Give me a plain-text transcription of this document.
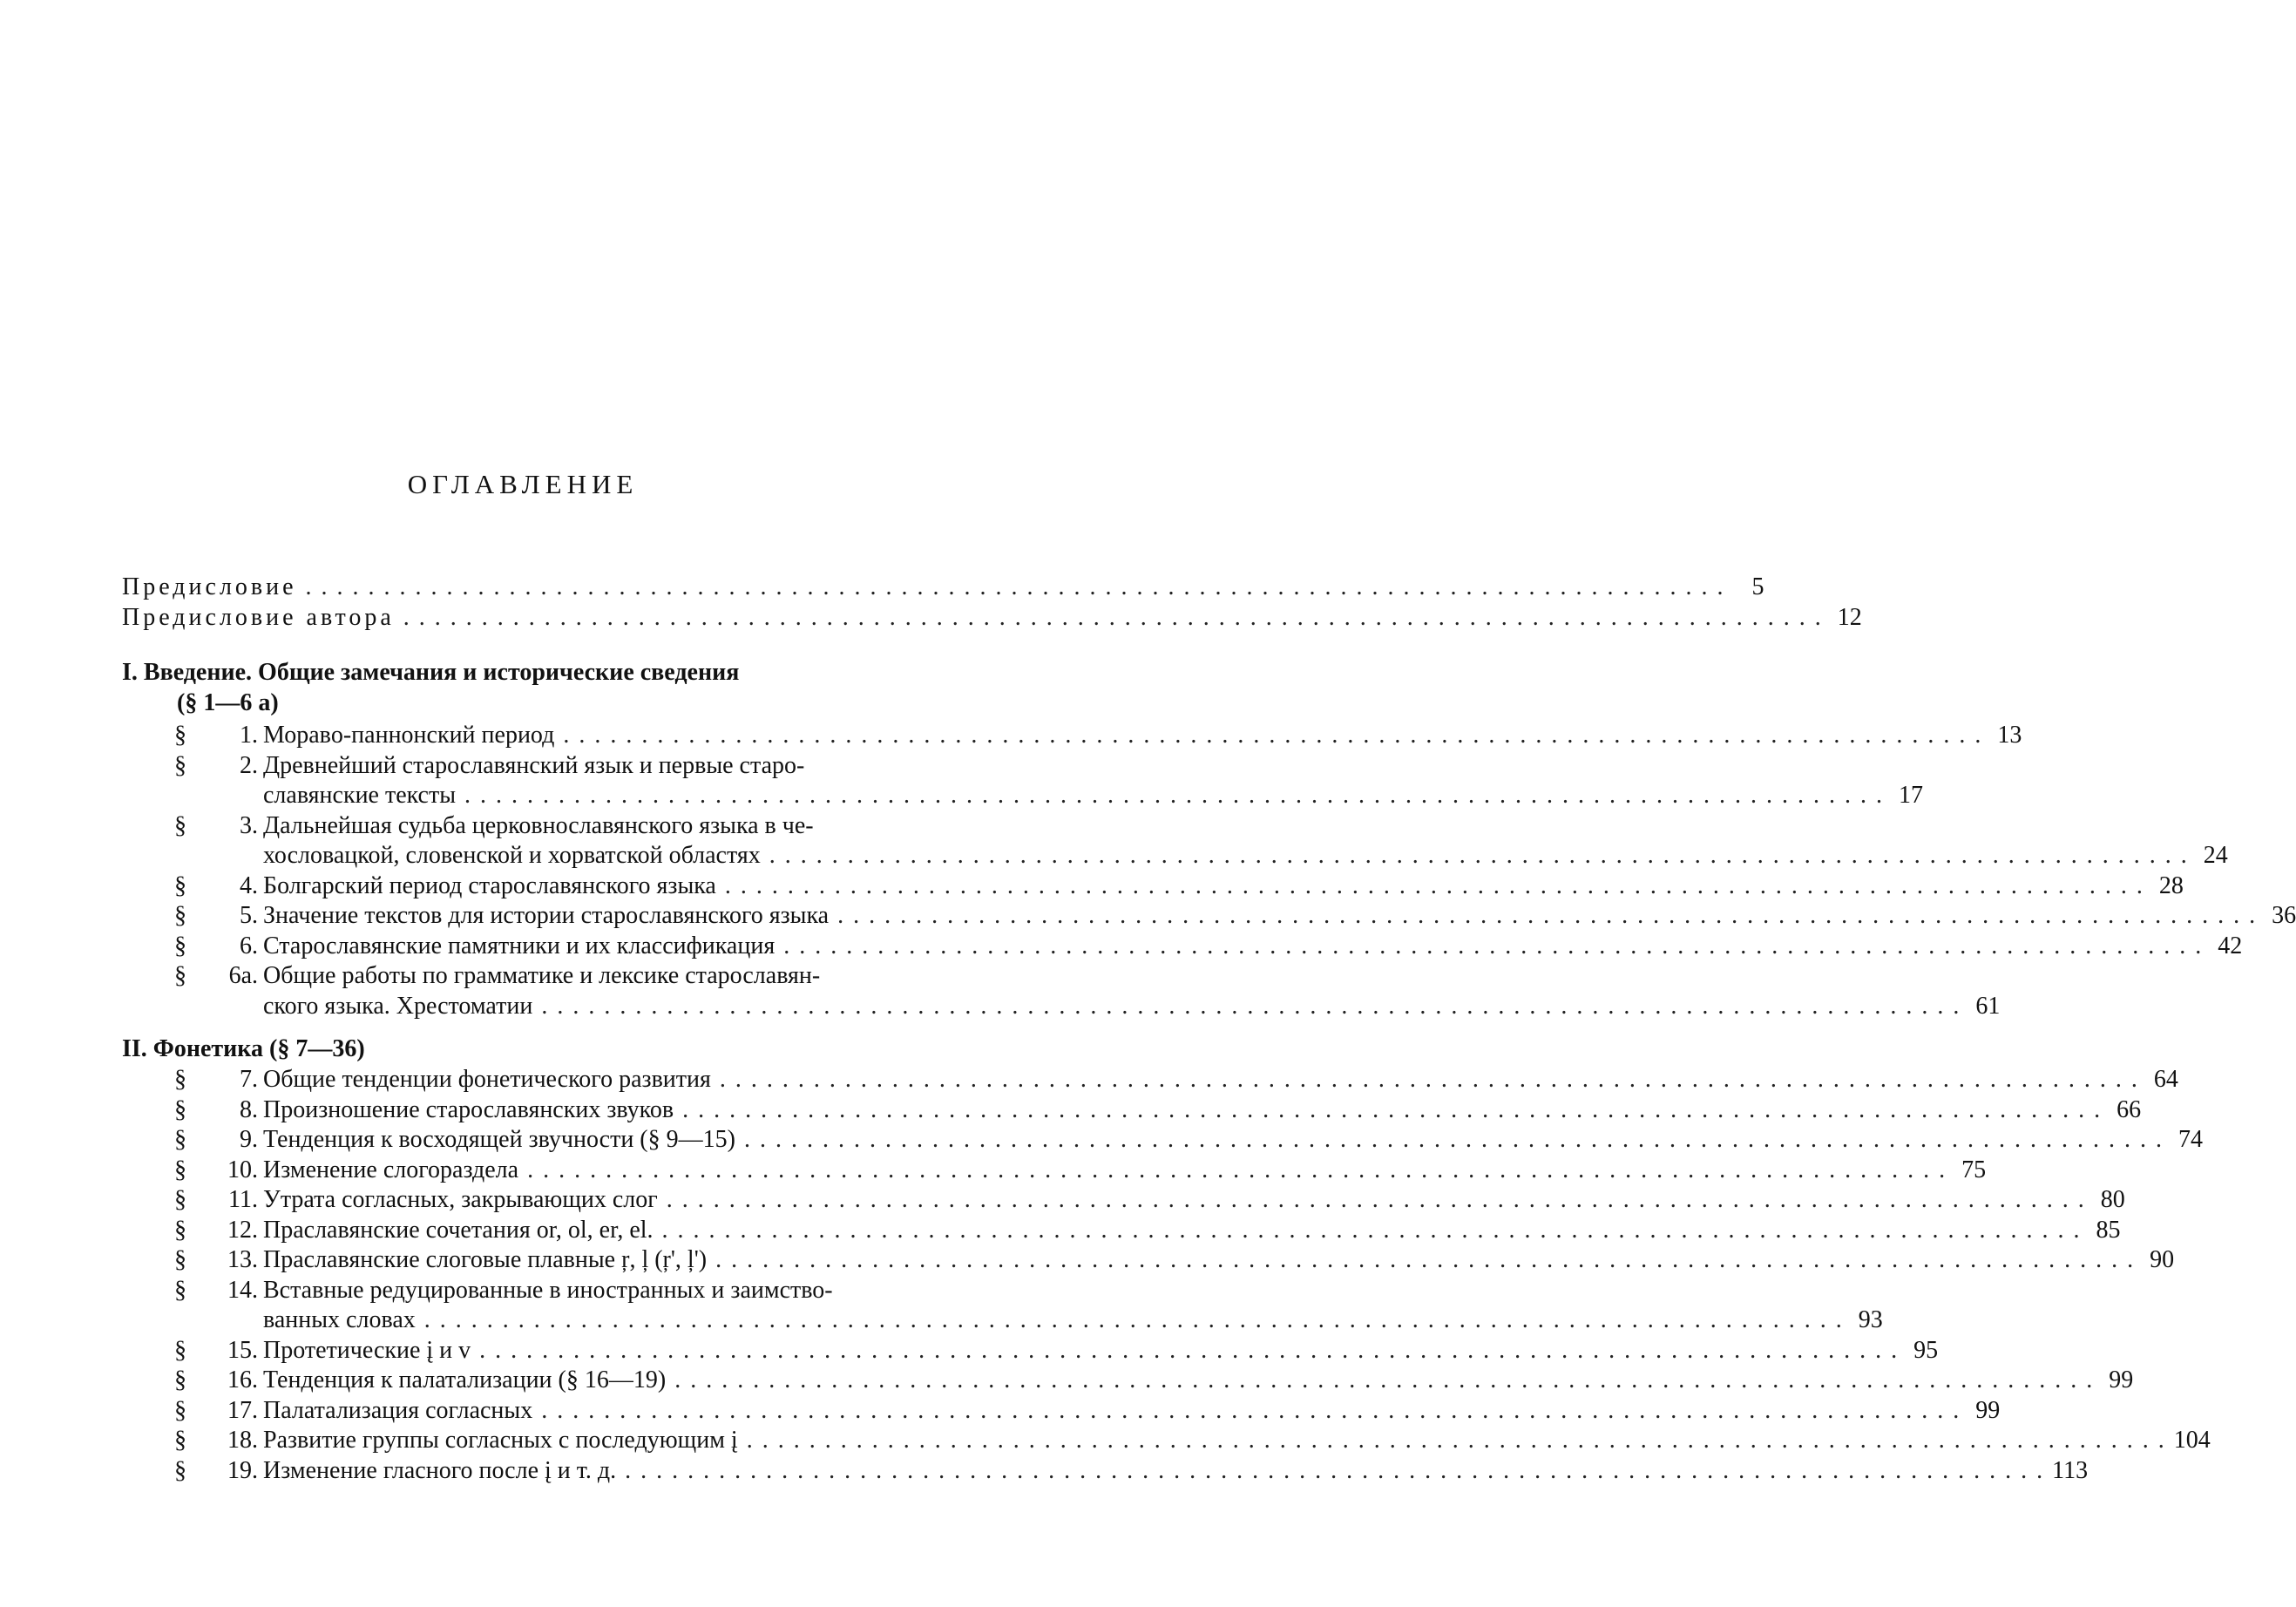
ОГЛАВЛЕНИЕ
Предисловие ........................................................................................... 5
Предисловие автора ........................................................................................... 12
I. Введение. Общие замечания и исторические сведения
(§ 1—6 а)
§	1. Моравo-паннонский период ........................................................................................... 13
§	2. Древнейший старославянский язык и первые старо-
славянские тексты ........................................................................................... 17
§	3. Дальнейшая судьба церковнославянского языка в че-
хословацкой, словенской и хорватской областях ........................................................................................... 24
§	4. Болгарский период старославянского языка ........................................................................................... 28
§	5. Значение текстов для истории старославянского языка ........................................................................................... 36
§	6. Старославянские памятники и их классификация ........................................................................................... 42
§	6а. Общие работы по грамматике и лексике старославян-
ского языка. Хрестоматии ........................................................................................... 61
II. Фонетика (§ 7—36)
§	7. Общие тенденции фонетического развития ........................................................................................... 64
§	8. Произношение старославянских звуков ........................................................................................... 66
§	9. Тенденция к восходящей звучности (§ 9—15) ........................................................................................... 74
§	10. Изменение слогораздела ........................................................................................... 75
§	11. Утрата согласных, закрывающих слог ........................................................................................... 80
§	12. Праславянские сочетания or, ol, er, el. ........................................................................................... 85
§	13. Праславянские слоговые плавные ŗ, ļ (ŗ', ļ') ........................................................................................... 90
§	14. Вставные редуцированные в иностранных и заимство-
ванных словах ........................................................................................... 93
§	15. Протетические į и v ........................................................................................... 95
§	16. Тенденция к палатализации (§ 16—19) ........................................................................................... 99
§	17. Палатализация согласных ........................................................................................... 99
§	18. Развитие группы согласных с последующим į ........................................................................................... 104
§	19. Изменение гласного после į и т. д. ........................................................................................... 113
